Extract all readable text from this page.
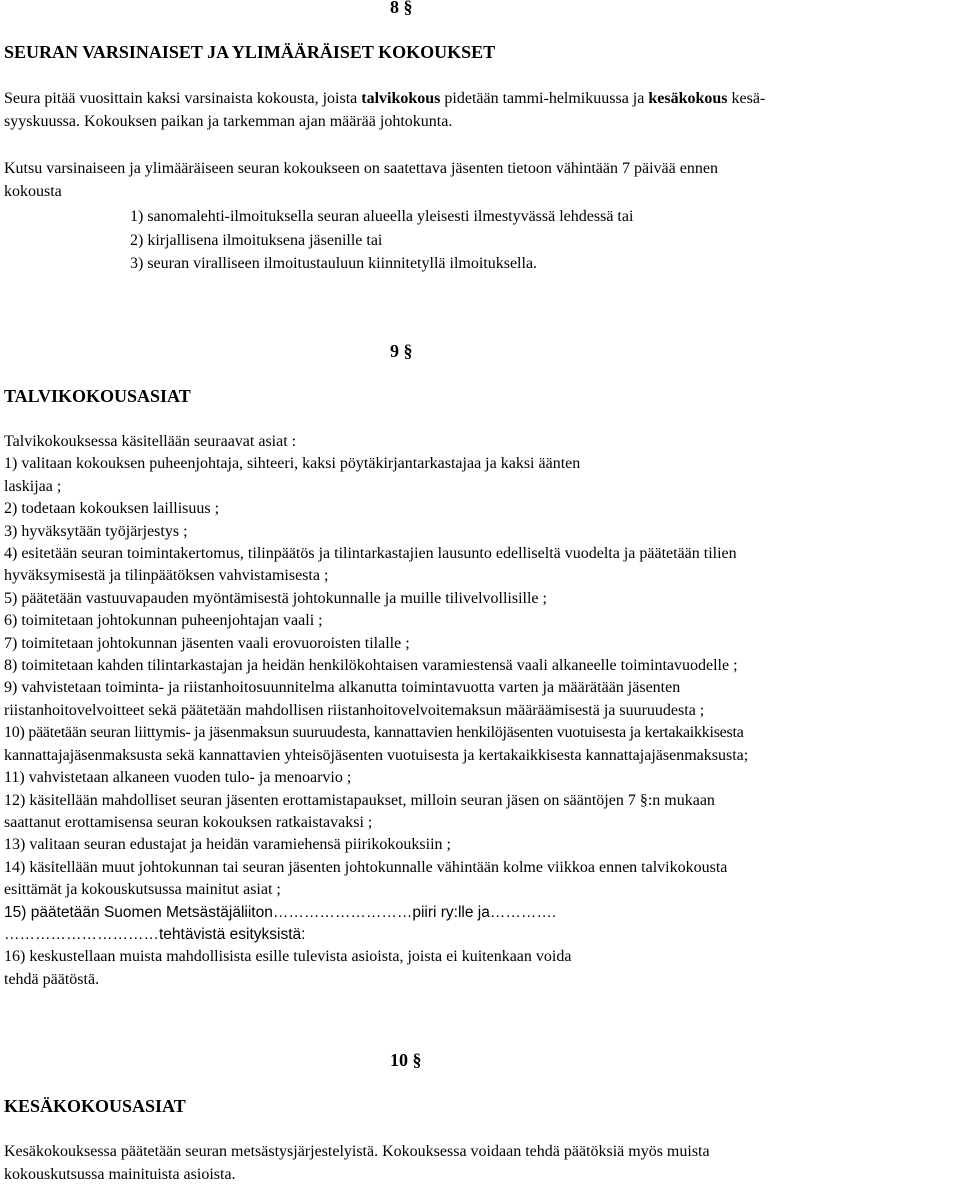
8 §
SEURAN VARSINAISET JA YLIMÄÄRÄISET KOKOUKSET
Seura pitää vuosittain kaksi varsinaista kokousta, joista talvikokous pidetään tammi-helmikuussa ja kesäkokous kesä-
syyskuussa. Kokouksen paikan ja tarkemman ajan määrää johtokunta.
Kutsu varsinaiseen ja ylimääräiseen seuran kokoukseen on saatettava jäsenten tietoon vähintään 7 päivää ennen
kokousta
1) sanomalehti-ilmoituksella seuran alueella yleisesti ilmestyvässä lehdessä tai
2) kirjallisena ilmoituksena jäsenille tai
3) seuran viralliseen ilmoitustauluun kiinnitetyllä ilmoituksella.
9 §
TALVIKOKOUSASIAT
Talvikokouksessa käsitellään seuraavat asiat :
1) valitaan kokouksen puheenjohtaja, sihteeri, kaksi pöytäkirjantarkastajaa ja kaksi äänten
laskijaa ;
2) todetaan kokouksen laillisuus ;
3) hyväksytään työjärjestys ;
4) esitetään seuran toimintakertomus, tilinpäätös ja tilintarkastajien lausunto edelliseltä vuodelta ja päätetään tilien
hyväksymisestä ja tilinpäätöksen vahvistamisesta ;
5) päätetään vastuuvapauden myöntämisestä johtokunnalle ja muille tilivelvollisille ;
6) toimitetaan johtokunnan puheenjohtajan vaali ;
7) toimitetaan johtokunnan jäsenten vaali erovuoroisten tilalle ;
8) toimitetaan kahden tilintarkastajan ja heidän henkilökohtaisen varamiestensä vaali alkaneelle toimintavuodelle ;
9) vahvistetaan toiminta- ja riistanhoitosuunnitelma alkanutta toimintavuotta varten ja määrätään jäsenten
riistanhoitovelvoitteet sekä päätetään mahdollisen riistanhoitovelvoitemaksun määräämisestä ja suuruudesta ;
10) päätetään seuran liittymis- ja jäsenmaksun suuruudesta, kannattavien henkilöjäsenten vuotuisesta ja kertakaikkisesta
kannattajajäsenmaksusta sekä kannattavien yhteisöjäsenten vuotuisesta ja kertakaikkisesta kannattajajäsenmaksusta;
11) vahvistetaan alkaneen vuoden tulo- ja menoarvio ;
12) käsitellään mahdolliset seuran jäsenten erottamistapaukset, milloin seuran jäsen on sääntöjen 7 §:n mukaan
saattanut erottamisensa seuran kokouksen ratkaistavaksi ;
13) valitaan seuran edustajat ja heidän varamiehensä piirikokouksiin ;
14) käsitellään muut johtokunnan tai seuran jäsenten johtokunnalle vähintään kolme viikkoa ennen talvikokousta
esittämät ja kokouskutsussa mainitut asiat ;
15) päätetään Suomen Metsästäjäliiton………………………piiri ry:lle ja………….
…………………………tehtävistä esityksistä:
16) keskustellaan muista mahdollisista esille tulevista asioista, joista ei kuitenkaan voida
tehdä päätöstä.
10 §
KESÄKOKOUSASIAT
Kesäkokouksessa päätetään seuran metsästysjärjestelyistä. Kokouksessa voidaan tehdä päätöksiä myös muista
kokouskutsussa mainituista asioista.
